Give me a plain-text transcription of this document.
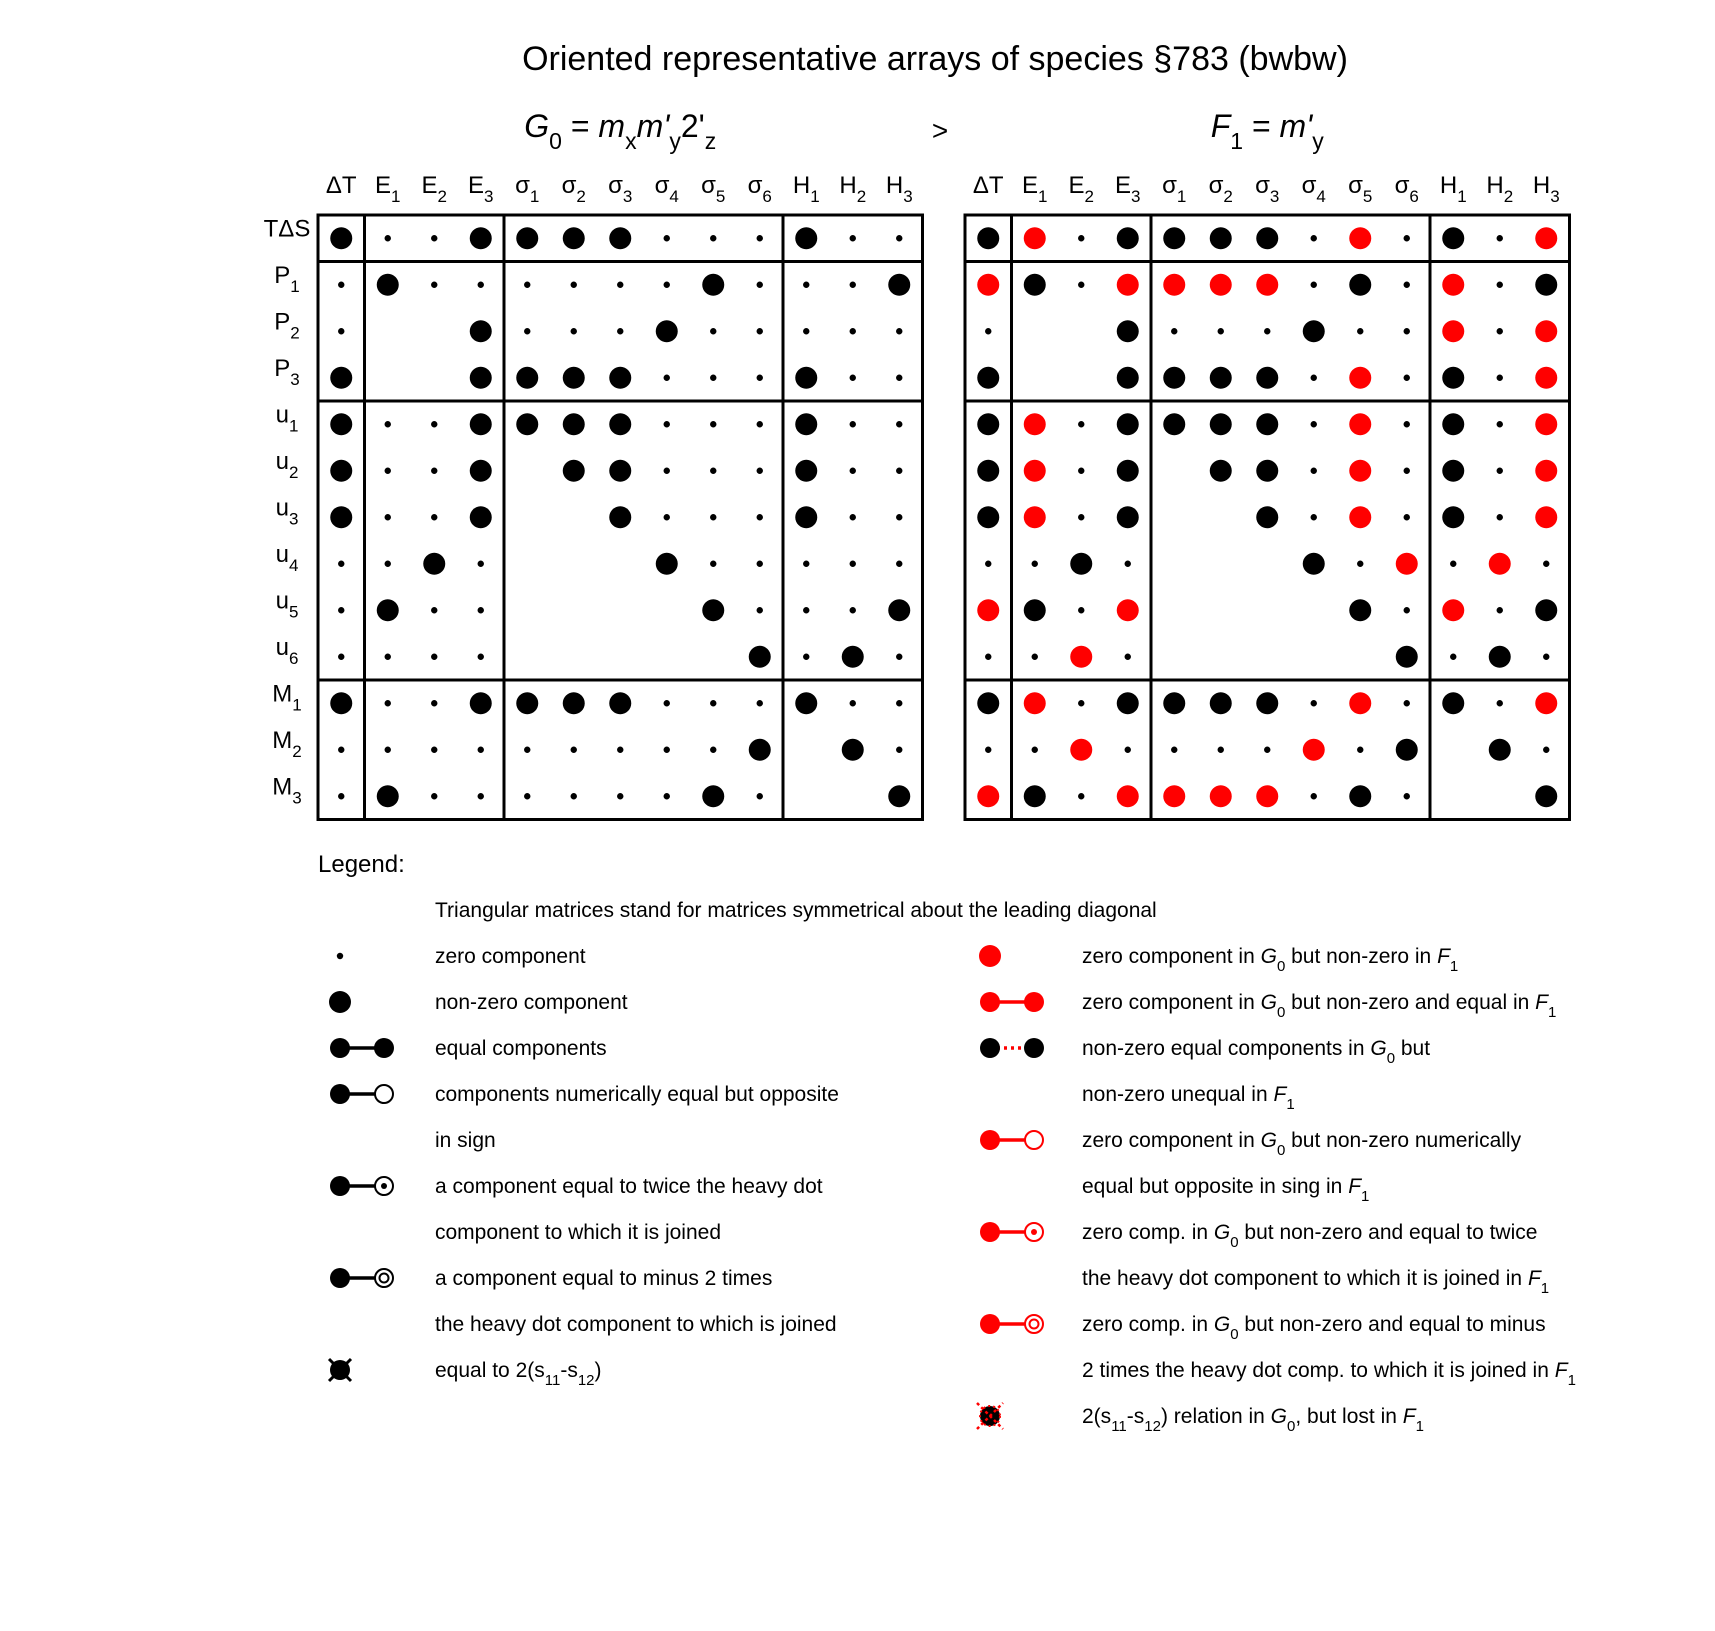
Oriented representative arrays of species §783 (bwbw)
>
$G_0 = m_xm'_y2'_z$
ΔT $E_1$ $E_2$ $E_3$ $\sigma_1$ $\sigma_2$ $\sigma_3$ $\sigma_4$ $\sigma_5$ $\sigma_6$ $H_1$ $H_2$ $H_3$
TΔS
$P_1$
$P_2$
$P_3$
$u_1$
$u_2$
$u_3$
$u_4$
$u_5$
$u_6$
$M_1$
$M_2$
$M_3$
$F_1 = m'_y$
ΔT $E_1$ $E_2$ $E_3$ $\sigma_1$ $\sigma_2$ $\sigma_3$ $\sigma_4$ $\sigma_5$ $\sigma_6$ $H_1$ $H_2$ $H_3$
Legend:
Triangular matrices stand for matrices symmetrical about the leading diagonal
zero component
non-zero component
equal components
components numerically equal but opposite
in sign
a component equal to twice the heavy dot
component to which it is joined
a component equal to minus 2 times
the heavy dot component to which is joined
equal to $2(s_{11}-s_{12})$
zero component in $G_0$ but non-zero in $F_1$
zero component in $G_0$ but non-zero and equal in $F_1$
non-zero equal components in $G_0$ but
non-zero unequal in $F_1$
zero component in $G_0$ but non-zero numerically
equal but opposite in sing in $F_1$
zero comp. in $G_0$ but non-zero and equal to twice
the heavy dot component to which it is joined in $F_1$
zero comp. in $G_0$ but non-zero and equal to minus
2 times the heavy dot comp. to which it is joined in $F_1$
$2(s_{11}-s_{12})$ relation in $G_0$, but lost in $F_1$
